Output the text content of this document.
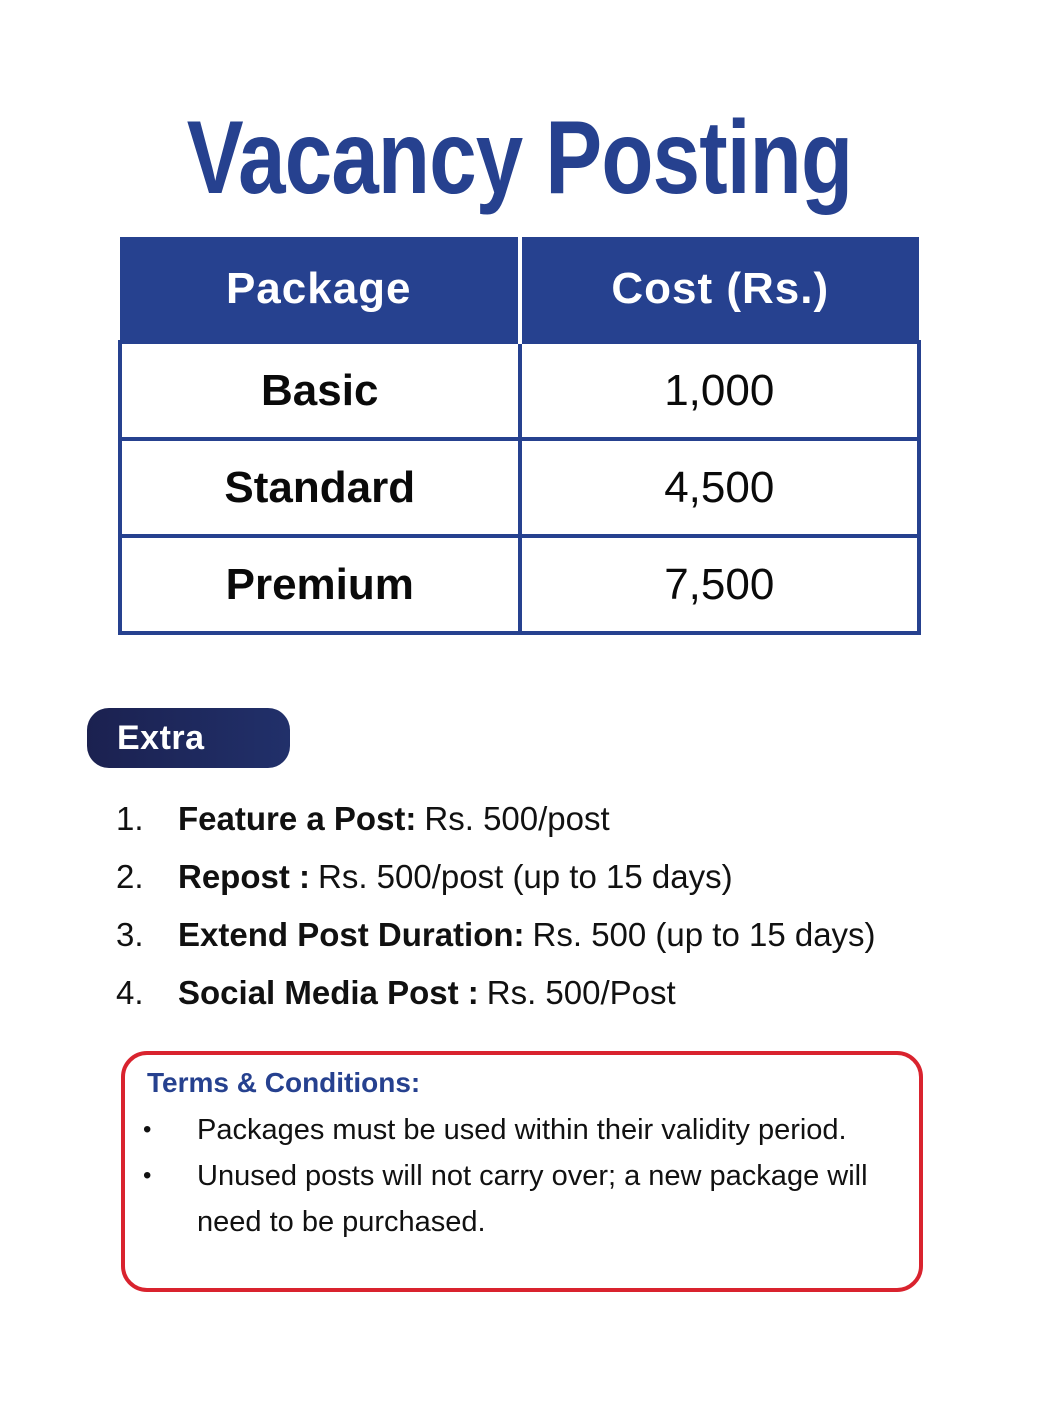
Vacancy Posting
Package	Cost (Rs.)
Basic	1,000
Standard	4,500
Premium	7,500
Extra
1.	Feature a Post: Rs. 500/post
2.	Repost : Rs. 500/post (up to 15 days)
3.	Extend Post Duration: Rs. 500 (up to 15 days)
4.	Social Media Post : Rs. 500/Post
Terms & Conditions:
•	Packages must be used within their validity period.
•	Unused posts will not carry over; a new package will need to be purchased.
